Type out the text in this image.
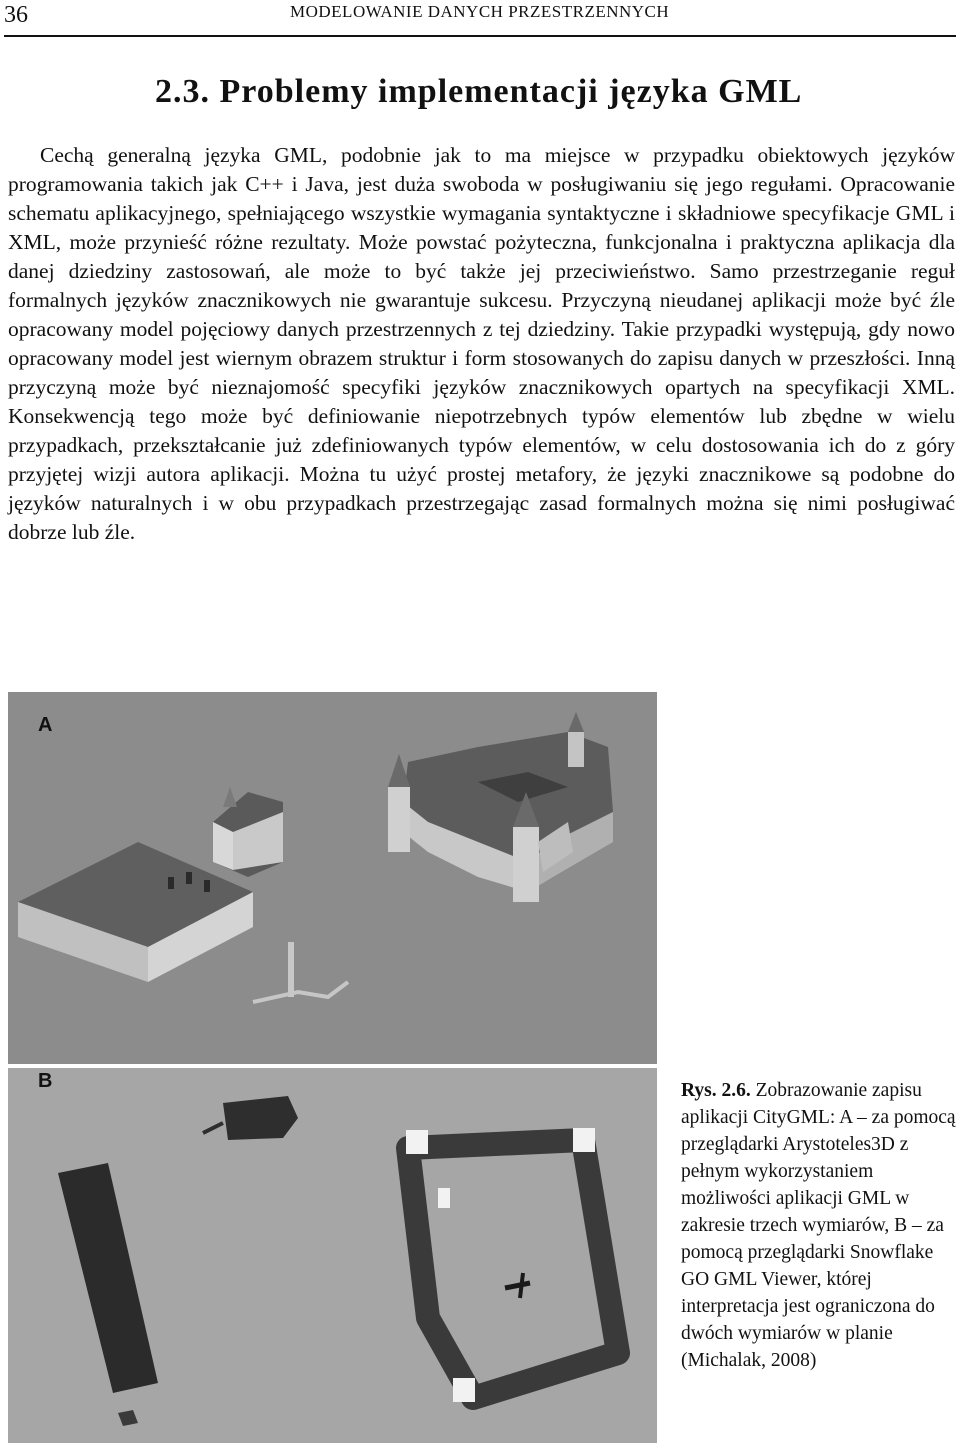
36	MODELOWANIE DANYCH PRZESTRZENNYCH
2.3. Problemy implementacji języka GML

Cechą generalną języka GML, podobnie jak to ma miejsce w przypadku obiektowych języków programowania takich jak C++ i Java, jest duża swoboda w posługiwaniu się jego regułami. Opracowanie schematu aplikacyjnego, spełniającego wszystkie wymagania syntaktyczne i składniowe specyfikacje GML i XML, może przynieść różne rezultaty. Może powstać pożyteczna, funkcjonalna i praktyczna aplikacja dla danej dziedziny zastosowań, ale może to być także jej przeciwieństwo. Samo przestrzeganie reguł formalnych języków znacznikowych nie gwarantuje sukcesu. Przyczyną nieudanej aplikacji może być źle opracowany model pojęciowy danych przestrzennych z tej dziedziny. Takie przypadki występują, gdy nowo opracowany model jest wiernym obrazem struktur i form stosowanych do zapisu danych w przeszłości. Inną przyczyną może być nieznajomość specyfiki języków znacznikowych opartych na specyfikacji XML. Konsekwencją tego może być definiowanie niepotrzebnych typów elementów lub zbędne w wielu przypadkach, przekształcanie już zdefiniowanych typów elementów, w celu dostosowania ich do z góry przyjętej wizji autora aplikacji. Można tu użyć prostej metafory, że języki znacznikowe są podobne do języków naturalnych i w obu przypadkach przestrzegając zasad formalnych można się nimi posługiwać dobrze lub źle.

A
B	Rys. 2.6. Zobrazowanie zapisu aplikacji CityGML: A – za pomocą przeglądarki Arystoteles3D z pełnym wykorzystaniem możliwości aplikacji GML w zakresie trzech wymiarów, B – za pomocą przeglądarki Snowflake GO GML Viewer, której interpretacja jest ograniczona do dwóch wymiarów w planie (Michalak, 2008)
